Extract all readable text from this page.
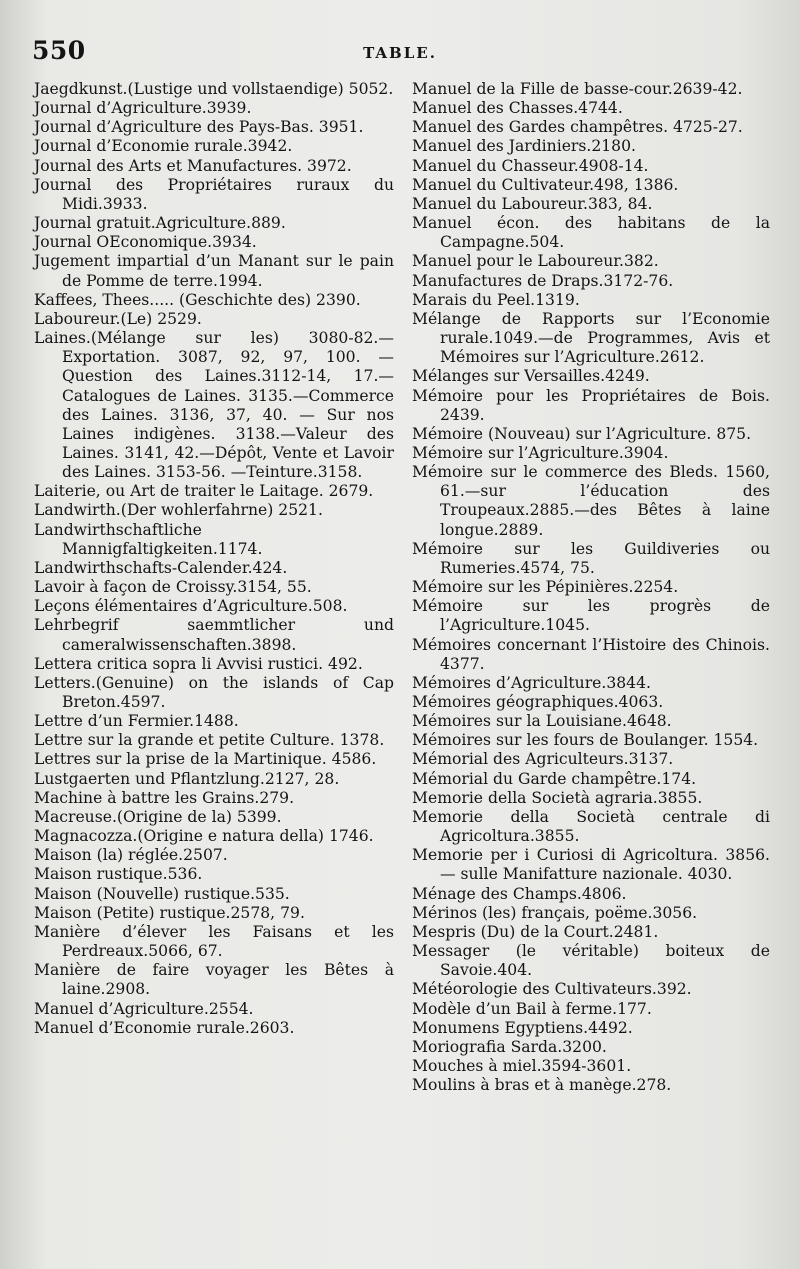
550	TABLE.

Jaegdkunst.(Lustige und vollstaendige) 5052.

Journal d’Agriculture.3939.

Journal d’Agriculture des Pays-Bas. 3951.

Journal d’Economie rurale.3942.

Journal des Arts et Manufactures. 3972.

Journal des Propriétaires ruraux du Midi.3933.

Journal gratuit.Agriculture.889.

Journal OEconomique.3934.

Jugement impartial d’un Manant sur le pain de Pomme de terre.1994.

Kaffees, Thees..... (Geschichte des) 2390.

Laboureur.(Le) 2529.

Laines.(Mélange sur les) 3080-82.—Exportation. 3087, 92, 97, 100. — Question des Laines.3112-14, 17.—Catalogues de Laines. 3135.—Commerce des Laines. 3136, 37, 40. — Sur nos Laines indigènes. 3138.—Valeur des Laines. 3141, 42.—Dépôt, Vente et Lavoir des Laines. 3153-56. —Teinture.3158.

Laiterie, ou Art de traiter le Laitage. 2679.

Landwirth.(Der wohlerfahrne) 2521.

Landwirthschaftliche Mannigfaltigkeiten.1174.

Landwirthschafts-Calender.424.

Lavoir à façon de Croissy.3154, 55.

Leçons élémentaires d’Agriculture.508.

Lehrbegrif saemmtlicher und cameralwissenschaften.3898.

Lettera critica sopra li Avvisi rustici. 492.

Letters.(Genuine) on the islands of Cap Breton.4597.

Lettre d’un Fermier.1488.

Lettre sur la grande et petite Culture. 1378.

Lettres sur la prise de la Martinique. 4586.

Lustgaerten und Pflantzlung.2127, 28.

Machine à battre les Grains.279.

Macreuse.(Origine de la) 5399.

Magnacozza.(Origine e natura della) 1746.

Maison (la) réglée.2507.

Maison rustique.536.

Maison (Nouvelle) rustique.535.

Maison (Petite) rustique.2578, 79.

Manière d’élever les Faisans et les Perdreaux.5066, 67.

Manière de faire voyager les Bêtes à laine.2908.

Manuel d’Agriculture.2554.

Manuel d’Economie rurale.2603.

Manuel de la Fille de basse-cour.2639-42.

Manuel des Chasses.4744.

Manuel des Gardes champêtres. 4725-27.

Manuel des Jardiniers.2180.

Manuel du Chasseur.4908-14.

Manuel du Cultivateur.498, 1386.

Manuel du Laboureur.383, 84.

Manuel écon. des habitans de la Campagne.504.

Manuel pour le Laboureur.382.

Manufactures de Draps.3172-76.

Marais du Peel.1319.

Mélange de Rapports sur l’Economie rurale.1049.—de Programmes, Avis et Mémoires sur l’Agriculture.2612.

Mélanges sur Versailles.4249.

Mémoire pour les Propriétaires de Bois. 2439.

Mémoire (Nouveau) sur l’Agriculture. 875.

Mémoire sur l’Agriculture.3904.

Mémoire sur le commerce des Bleds. 1560, 61.—sur l’éducation des Troupeaux.2885.—des Bêtes à laine longue.2889.

Mémoire sur les Guildiveries ou Rumeries.4574, 75.

Mémoire sur les Pépinières.2254.

Mémoire sur les progrès de l’Agriculture.1045.

Mémoires concernant l’Histoire des Chinois. 4377.

Mémoires d’Agriculture.3844.

Mémoires géographiques.4063.

Mémoires sur la Louisiane.4648.

Mémoires sur les fours de Boulanger. 1554.

Mémorial des Agriculteurs.3137.

Mémorial du Garde champêtre.174.

Memorie della Società agraria.3855.

Memorie della Società centrale di Agricoltura.3855.

Memorie per i Curiosi di Agricoltura. 3856.— sulle Manifatture nazionale. 4030.

Ménage des Champs.4806.

Mérinos (les) français, poëme.3056.

Mespris (Du) de la Court.2481.

Messager (le véritable) boiteux de Savoie.404.

Météorologie des Cultivateurs.392.

Modèle d’un Bail à ferme.177.

Monumens Egyptiens.4492.

Moriografia Sarda.3200.

Mouches à miel.3594-3601.

Moulins à bras et à manège.278.
